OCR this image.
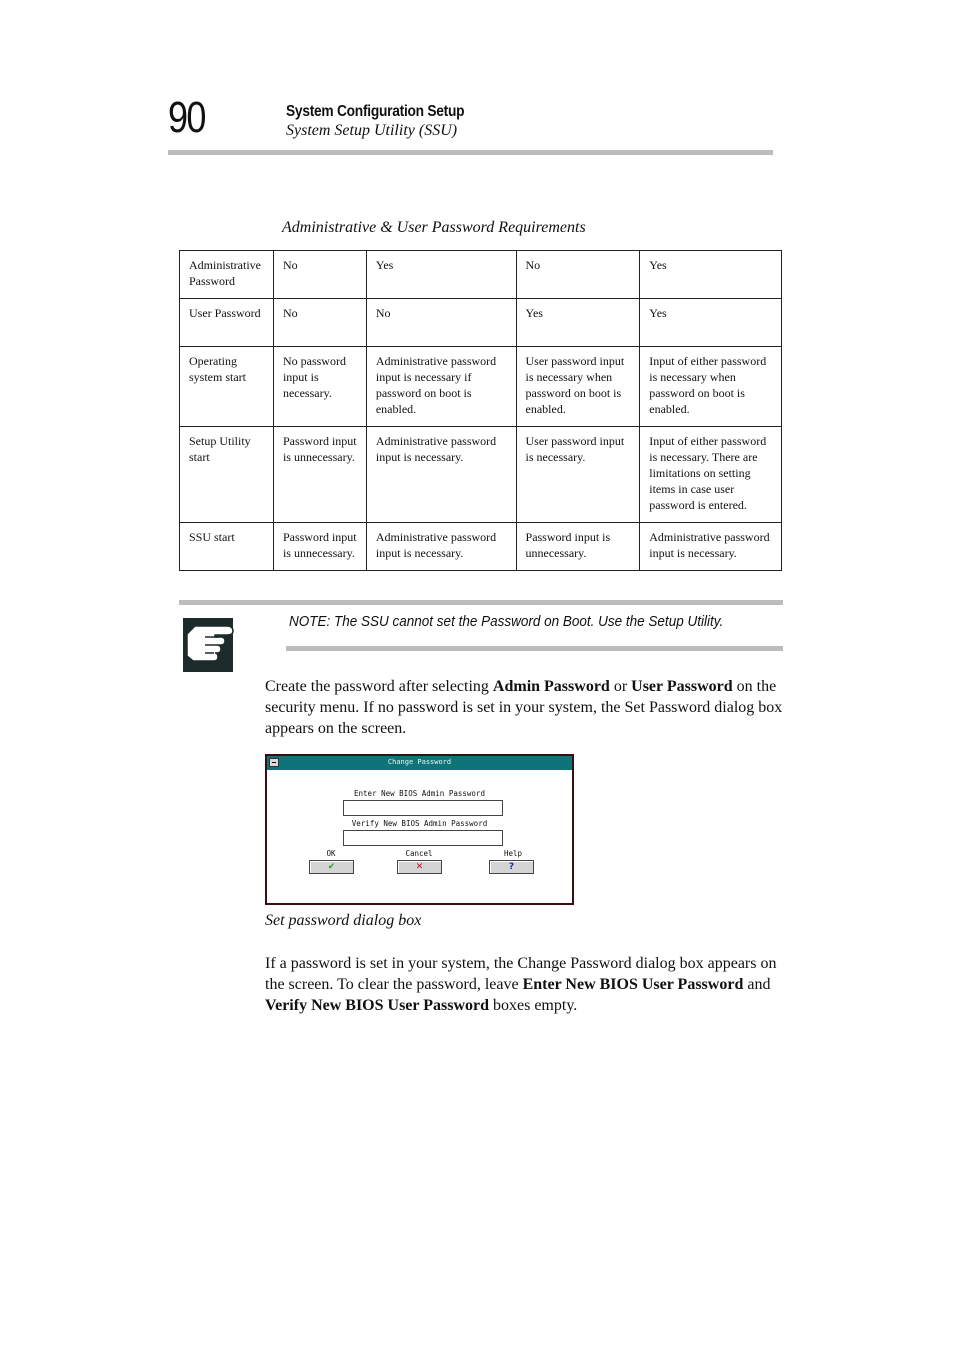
90	System Configuration Setup
System Setup Utility (SSU)
Administrative & User Password Requirements
Administrative Password	No	Yes	No	Yes
User Password	No	No	Yes	Yes
Operating system start	No password input is necessary.	Administrative password input is necessary if password on boot is enabled.	User password input is necessary when password on boot is enabled.	Input of either password is necessary when password on boot is enabled.
Setup Utility start	Password input is unnecessary.	Administrative password input is necessary.	User password input is necessary.	Input of either password is necessary. There are limitations on setting items in case user password is entered.
SSU start	Password input is unnecessary.	Administrative password input is necessary.	Password input is unnecessary.	Administrative password input is necessary.
NOTE: The SSU cannot set the Password on Boot. Use the Setup Utility.
Create the password after selecting Admin Password or User Password on the security menu. If no password is set in your system, the Set Password dialog box appears on the screen.
Change Password
Enter New BIOS Admin Password
Verify New BIOS Admin Password
OK
✔
Cancel
✕
Help
?
Set password dialog box
If a password is set in your system, the Change Password dialog box appears on the screen. To clear the password, leave Enter New BIOS User Password and Verify New BIOS User Password boxes empty.
